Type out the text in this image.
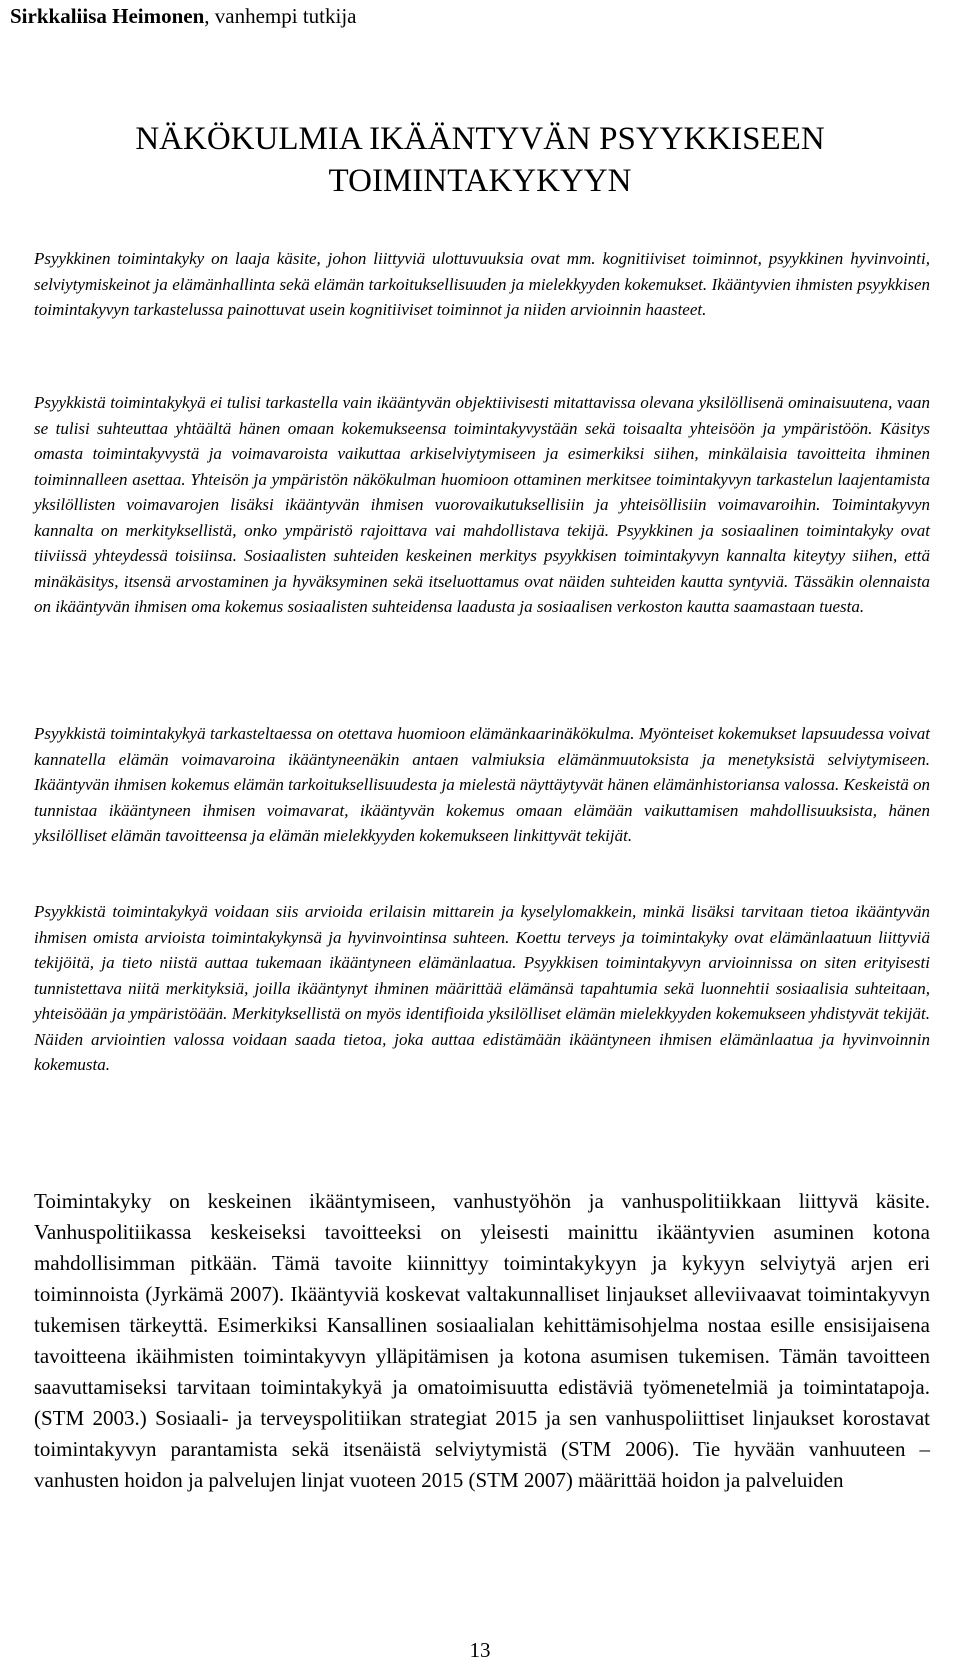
Sirkkaliisa Heimonen, vanhempi tutkija
NÄKÖKULMIA IKÄÄNTYVÄN PSYYKKISEEN TOIMINTAKYKYYN

Psyykkinen toimintakyky on laaja käsite, johon liittyviä ulottuvuuksia ovat mm. kognitiiviset toiminnot, psyykkinen hyvinvointi, selviytymiskeinot ja elämänhallinta sekä elämän tarkoituksellisuuden ja mielekkyyden kokemukset. Ikääntyvien ihmisten psyykkisen toimintakyvyn tarkastelussa painottuvat usein kognitiiviset toiminnot ja niiden arvioinnin haasteet.

Psyykkistä toimintakykyä ei tulisi tarkastella vain ikääntyvän objektiivisesti mitattavissa olevana yksilöllisenä ominaisuutena, vaan se tulisi suhteuttaa yhtäältä hänen omaan kokemukseensa toimintakyvystään sekä toisaalta yhteisöön ja ympäristöön. Käsitys omasta toimintakyvystä ja voimavaroista vaikuttaa arkiselviytymiseen ja esimerkiksi siihen, minkälaisia tavoitteita ihminen toiminnalleen asettaa. Yhteisön ja ympäristön näkökulman huomioon ottaminen merkitsee toimintakyvyn tarkastelun laajentamista yksilöllisten voimavarojen lisäksi ikääntyvän ihmisen vuorovaikutuksellisiin ja yhteisöllisiin voimavaroihin. Toimintakyvyn kannalta on merkityksellistä, onko ympäristö rajoittava vai mahdollistava tekijä. Psyykkinen ja sosiaalinen toimintakyky ovat tiiviissä yhteydessä toisiinsa. Sosiaalisten suhteiden keskeinen merkitys psyykkisen toimintakyvyn kannalta kiteytyy siihen, että minäkäsitys, itsensä arvostaminen ja hyväksyminen sekä itseluottamus ovat näiden suhteiden kautta syntyviä. Tässäkin olennaista on ikääntyvän ihmisen oma kokemus sosiaalisten suhteidensa laadusta ja sosiaalisen verkoston kautta saamastaan tuesta.

Psyykkistä toimintakykyä tarkasteltaessa on otettava huomioon elämänkaarinäkökulma. Myönteiset kokemukset lapsuudessa voivat kannatella elämän voimavaroina ikääntyneenäkin antaen valmiuksia elämänmuutoksista ja menetyksistä selviytymiseen. Ikääntyvän ihmisen kokemus elämän tarkoituksellisuudesta ja mielestä näyttäytyvät hänen elämänhistoriansa valossa. Keskeistä on tunnistaa ikääntyneen ihmisen voimavarat, ikääntyvän kokemus omaan elämään vaikuttamisen mahdollisuuksista, hänen yksilölliset elämän tavoitteensa ja elämän mielekkyyden kokemukseen linkittyvät tekijät.

Psyykkistä toimintakykyä voidaan siis arvioida erilaisin mittarein ja kyselylomakkein, minkä lisäksi tarvitaan tietoa ikääntyvän ihmisen omista arvioista toimintakykynsä ja hyvinvointinsa suhteen. Koettu terveys ja toimintakyky ovat elämänlaatuun liittyviä tekijöitä, ja tieto niistä auttaa tukemaan ikääntyneen elämänlaatua. Psyykkisen toimintakyvyn arvioinnissa on siten erityisesti tunnistettava niitä merkityksiä, joilla ikääntynyt ihminen määrittää elämänsä tapahtumia sekä luonnehtii sosiaalisia suhteitaan, yhteisöään ja ympäristöään. Merkityksellistä on myös identifioida yksilölliset elämän mielekkyyden kokemukseen yhdistyvät tekijät. Näiden arviointien valossa voidaan saada tietoa, joka auttaa edistämään ikääntyneen ihmisen elämänlaatua ja hyvinvoinnin kokemusta.

Toimintakyky on keskeinen ikääntymiseen, vanhustyöhön ja vanhuspolitiikkaan liittyvä käsite. Vanhuspolitiikassa keskeiseksi tavoitteeksi on yleisesti mainittu ikääntyvien asuminen kotona mahdollisimman pitkään. Tämä tavoite kiinnittyy toimintakykyyn ja kykyyn selviytyä arjen eri toiminnoista (Jyrkämä 2007). Ikääntyviä koskevat valtakunnalliset linjaukset alleviivaavat toimintakyvyn tukemisen tärkeyttä. Esimerkiksi Kansallinen sosiaalialan kehittämisohjelma nostaa esille ensisijaisena tavoitteena ikäihmisten toimintakyvyn ylläpitämisen ja kotona asumisen tukemisen. Tämän tavoitteen saavuttamiseksi tarvitaan toimintakykyä ja omatoimisuutta edistäviä työmenetelmiä ja toimintatapoja. (STM 2003.) Sosiaali- ja terveyspolitiikan strategiat 2015 ja sen vanhuspoliittiset linjaukset korostavat toimintakyvyn parantamista sekä itsenäistä selviytymistä (STM 2006). Tie hyvään vanhuuteen – vanhusten hoidon ja palvelujen linjat vuoteen 2015 (STM 2007) määrittää hoidon ja palveluiden

13
